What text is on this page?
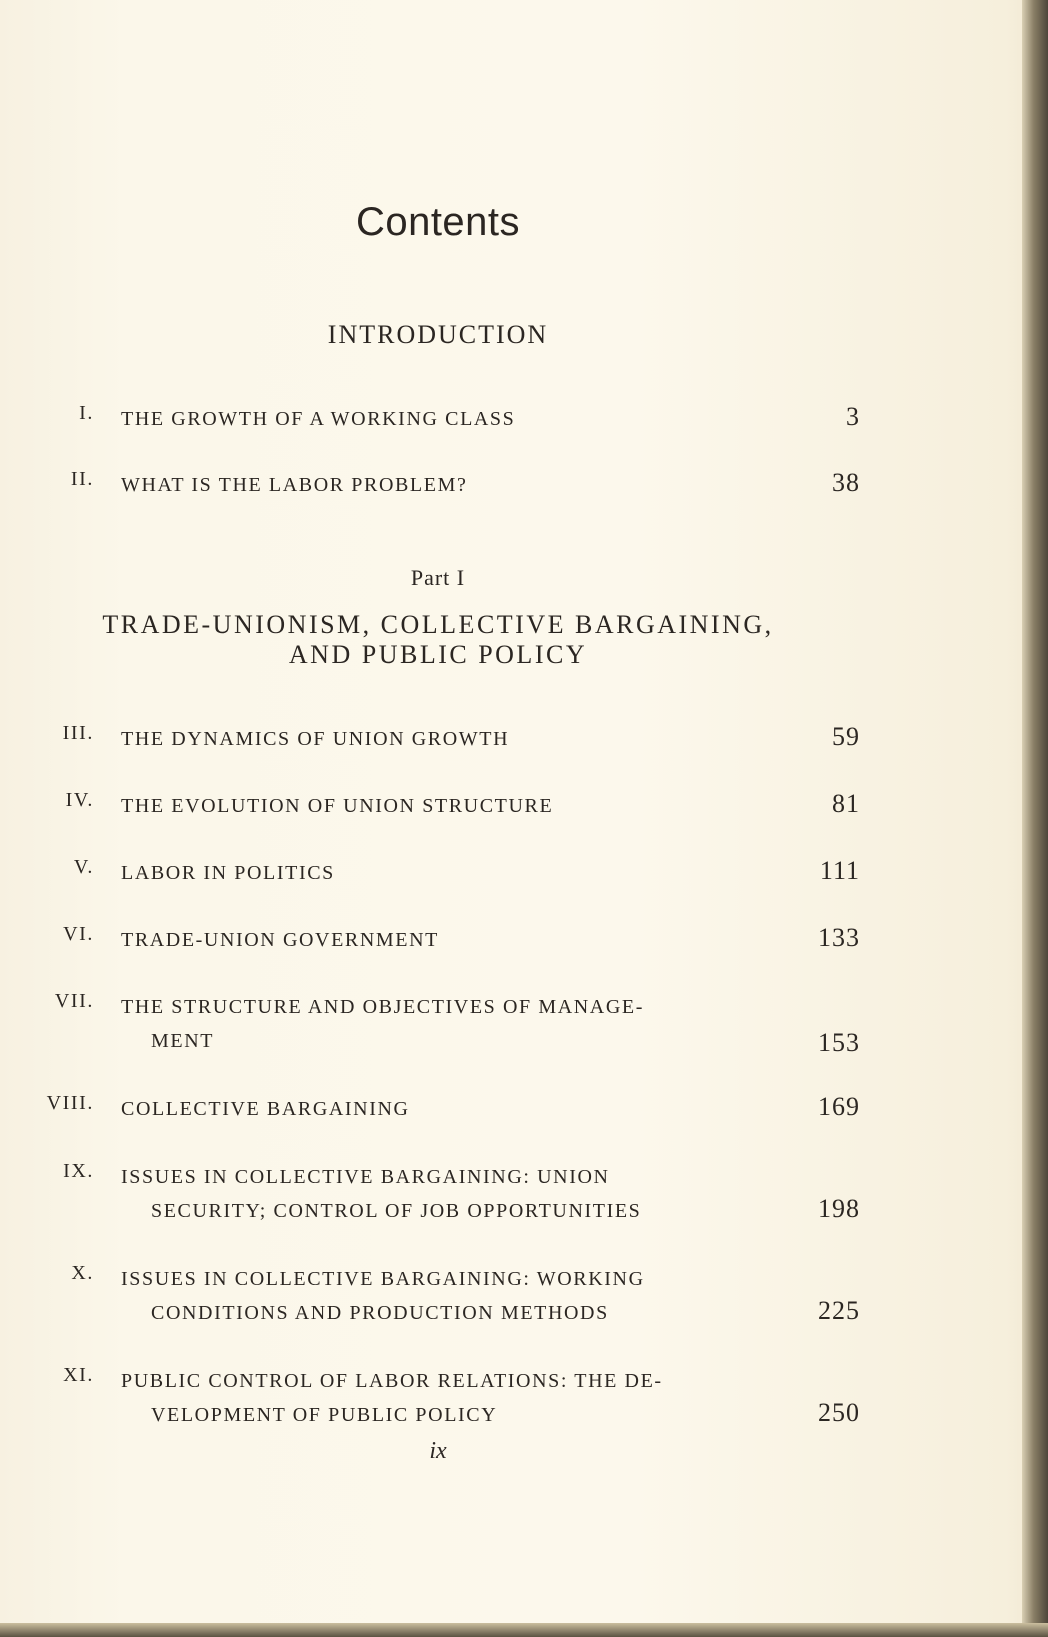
Contents
INTRODUCTION
I. THE GROWTH OF A WORKING CLASS	3
II. WHAT IS THE LABOR PROBLEM?	38
Part I
TRADE-UNIONISM, COLLECTIVE BARGAINING,
AND PUBLIC POLICY
III. THE DYNAMICS OF UNION GROWTH	59
IV. THE EVOLUTION OF UNION STRUCTURE	81
V. LABOR IN POLITICS	111
VI. TRADE-UNION GOVERNMENT	133
VII. THE STRUCTURE AND OBJECTIVES OF MANAGE-
MENT	153
VIII. COLLECTIVE BARGAINING	169
IX. ISSUES IN COLLECTIVE BARGAINING: UNION
SECURITY; CONTROL OF JOB OPPORTUNITIES	198
X. ISSUES IN COLLECTIVE BARGAINING: WORKING
CONDITIONS AND PRODUCTION METHODS	225
XI. PUBLIC CONTROL OF LABOR RELATIONS: THE DE-
VELOPMENT OF PUBLIC POLICY	250
ix
